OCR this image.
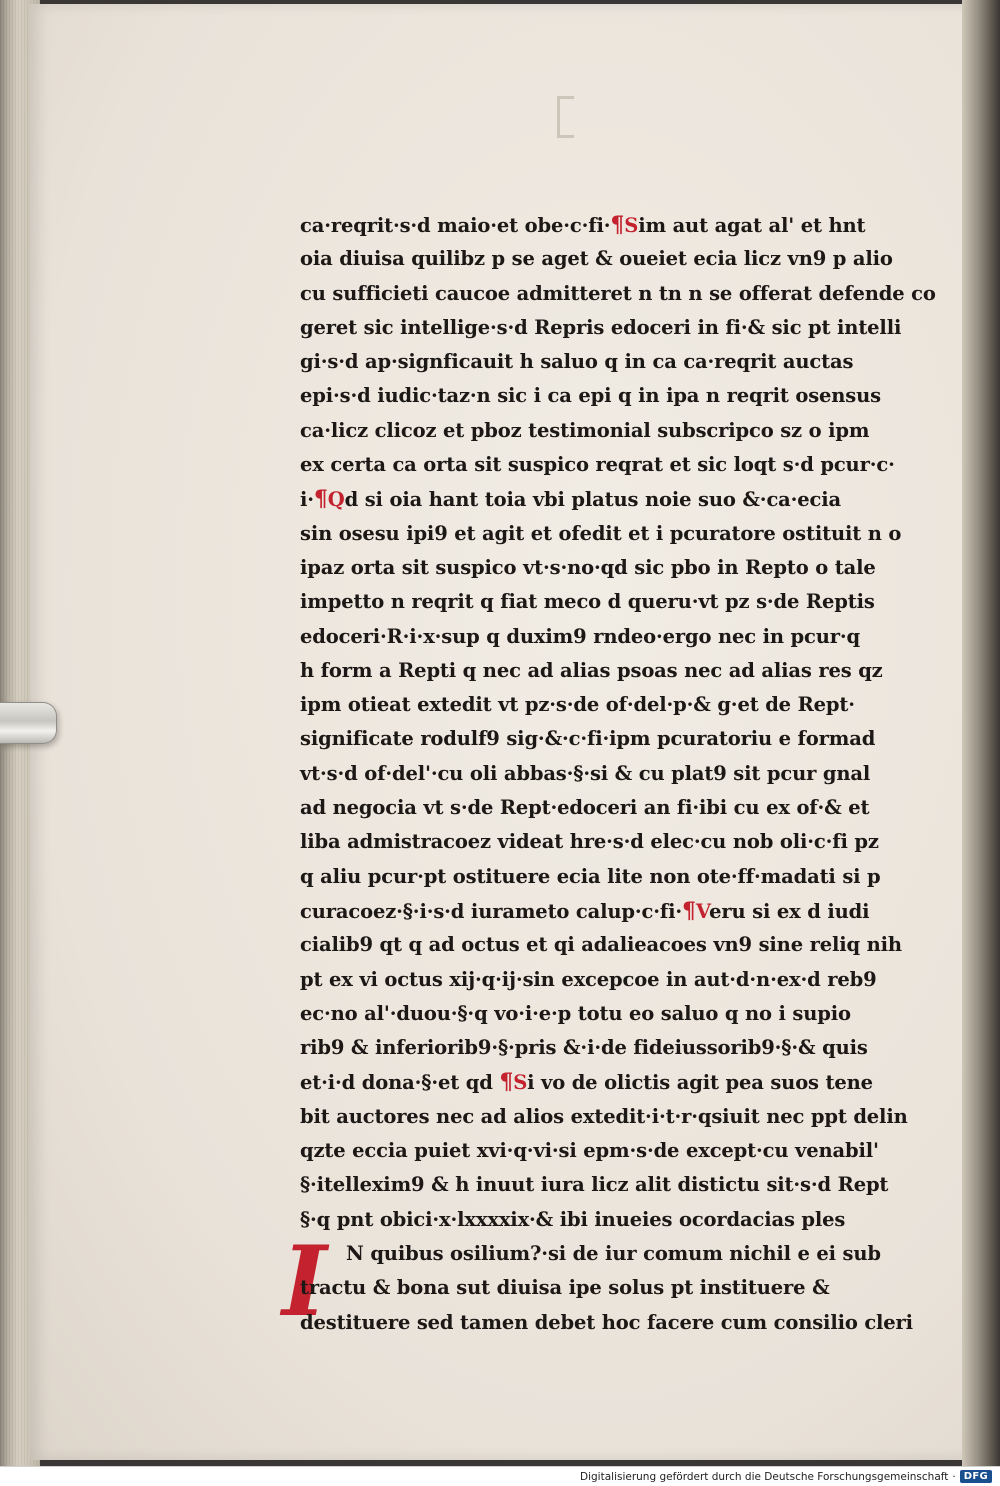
ca·reqrit·s·d maio·et obe·c·fi·¶Sim aut agat al' et hnt
oia diuisa quilibz p se aget & oueiet ecia licz vn9 p alio
cu sufficieti caucoe admitteret n tn n se offerat defende co
geret sic intellige·s·d Repris edoceri in fi·& sic pt intelli
gi·s·d ap·signficauit h saluo q in ca ca·reqrit auctas
epi·s·d iudic·taz·n sic i ca epi q in ipa n reqrit osensus
ca·licz clicoz et pboz testimonial subscripco sz o ipm
ex certa ca orta sit suspico reqrat et sic loqt s·d pcur·c·
i·¶Qd si oia hant toia vbi platus noie suo &·ca·ecia
sin osesu ipi9 et agit et ofedit et i pcuratore ostituit n o
ipaz orta sit suspico vt·s·no·qd sic pbo in Repto o tale
impetto n reqrit q fiat meco d queru·vt pz s·de Reptis
edoceri·R·i·x·sup q duxim9 rndeo·ergo nec in pcur·q
h form a Repti q nec ad alias psoas nec ad alias res qz
ipm otieat extedit vt pz·s·de of·del·p·& g·et de Rept·
significate rodulf9 sig·&·c·fi·ipm pcuratoriu e formad
vt·s·d of·del'·cu oli abbas·§·si & cu plat9 sit pcur gnal
ad negocia vt s·de Rept·edoceri an fi·ibi cu ex of·& et
liba admistracoez videat hre·s·d elec·cu nob oli·c·fi pz
q aliu pcur·pt ostituere ecia lite non ote·ff·madati si p
curacoez·§·i·s·d iurameto calup·c·fi·¶Veru si ex d iudi
cialib9 qt q ad octus et qi adalieacoes vn9 sine reliq nih
pt ex vi octus xij·q·ij·sin excepcoe in aut·d·n·ex·d reb9
ec·no al'·duou·§·q vo·i·e·p totu eo saluo q no i supio
rib9 & inferiorib9·§·pris &·i·de fideiussorib9·§·& quis
et·i·d dona·§·et qd ¶Si vo de olictis agit pea suos tene
bit auctores nec ad alios extedit·i·t·r·qsiuit nec ppt delin
qzte eccia puiet xvi·q·vi·si epm·s·de except·cu venabil'
§·itellexim9 & h inuut iura licz alit distictu sit·s·d Rept
§·q pnt obici·x·lxxxxix·& ibi inueies ocordacias ples
I N quibus osilium?·si de iur comum nichil e ei sub
tractu & bona sut diuisa ipe solus pt instituere &
destituere sed tamen debet hoc facere cum consilio cleri
Digitalisierung gefördert durch die Deutsche Forschungsgemeinschaft · DFG
